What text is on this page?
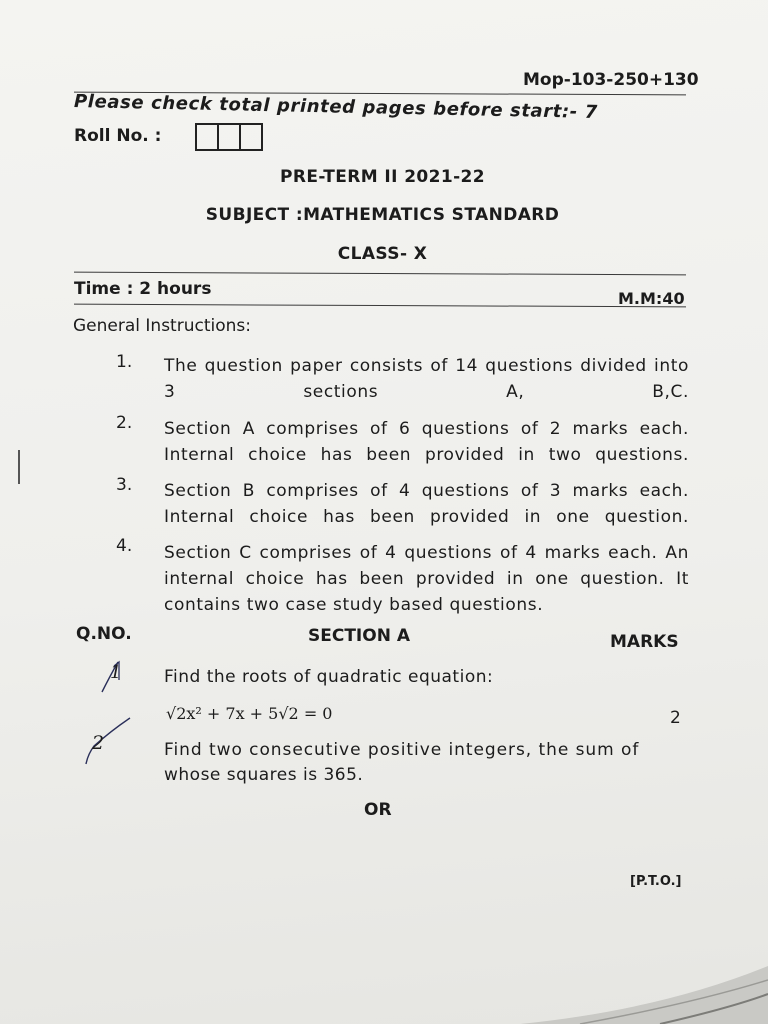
Mop-103-250+130
Please check total printed pages before start:- 7
Roll No. :
PRE-TERM II 2021-22
SUBJECT :MATHEMATICS STANDARD
CLASS- X
Time : 2 hours	M.M:40
General Instructions:
1. The question paper consists of 14 questions divided into 3 sections A, B,C.
2. Section A comprises of 6 questions of 2 marks each. Internal choice has been provided in two questions.
3. Section B comprises of 4 questions of 3 marks each. Internal choice has been provided in one question.
4. Section C comprises of 4 questions of 4 marks each. An internal choice has been provided in one question. It contains two case study based questions.
Q.NO.	SECTION A	MARKS
1	Find the roots of quadratic equation:
√2x² + 7x + 5√2 = 0	2
2	Find two consecutive positive integers, the sum of
whose squares is 365.
OR
[P.T.O.]
